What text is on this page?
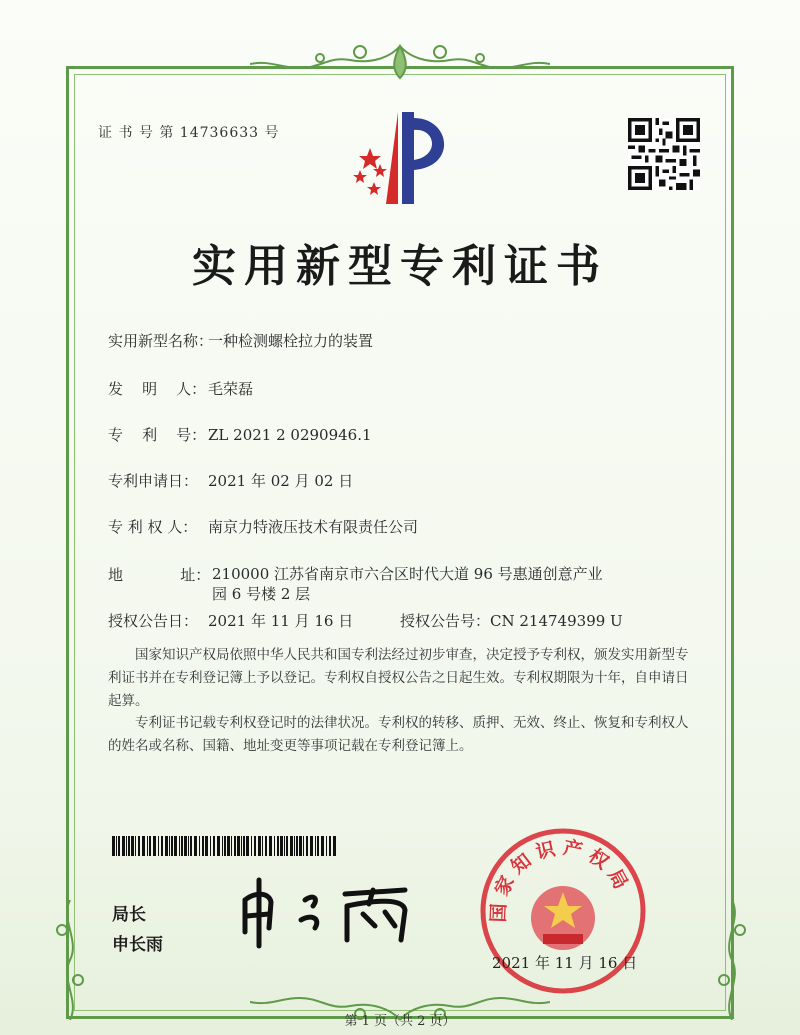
证 书 号 第 14736633 号
实用新型专利证书
实用新型名称：一种检测螺栓拉力的装置
发    明    人： 毛荣磊
专    利    号： ZL 2021 2 0290946.1
专利申请日： 2021 年 02 月 02 日
专 利 权 人： 南京力特液压技术有限责任公司
地            址： 210000 江苏省南京市六合区时代大道 96 号惠通创意产业
园 6 号楼 2 层
授权公告日： 2021 年 11 月 16 日	授权公告号：CN 214749399 U
国家知识产权局依照中华人民共和国专利法经过初步审查，决定授予专利权，颁发实用新型专利证书并在专利登记簿上予以登记。专利权自授权公告之日起生效。专利权期限为十年，自申请日起算。
专利证书记载专利权登记时的法律状况。专利权的转移、质押、无效、终止、恢复和专利权人的姓名或名称、国籍、地址变更等事项记载在专利登记簿上。
局长
申长雨
国家知识产权局
2021 年 11 月 16 日
第 1 页（共 2 页）
